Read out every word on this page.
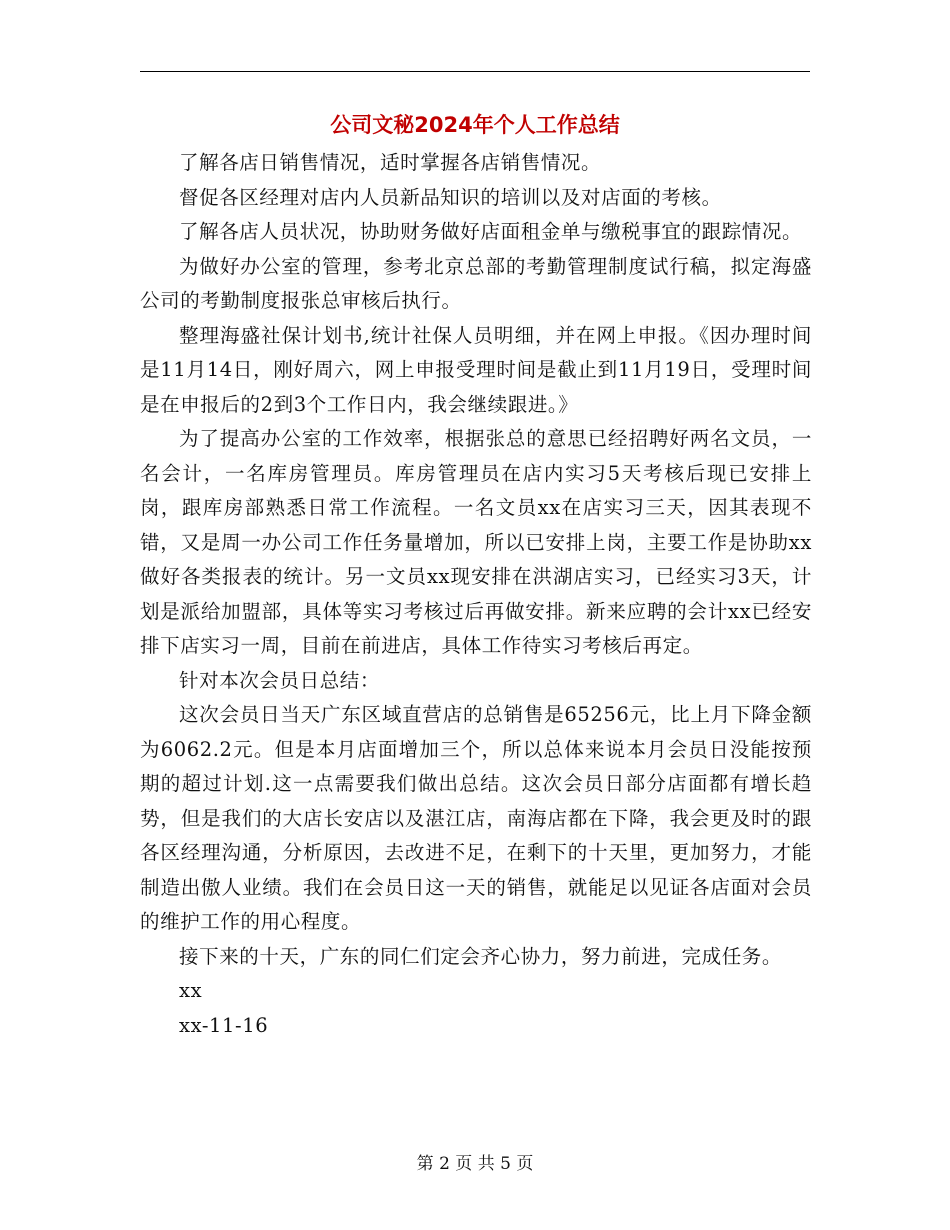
公司文秘2024年个人工作总结

了解各店日销售情况，适时掌握各店销售情况。

督促各区经理对店内人员新品知识的培训以及对店面的考核。

了解各店人员状况，协助财务做好店面租金单与缴税事宜的跟踪情况。

为做好办公室的管理，参考北京总部的考勤管理制度试行稿，拟定海盛公司的考勤制度报张总审核后执行。

整理海盛社保计划书,统计社保人员明细，并在网上申报。《因办理时间是11月14日，刚好周六，网上申报受理时间是截止到11月19日，受理时间是在申报后的2到3个工作日内，我会继续跟进。》

为了提高办公室的工作效率，根据张总的意思已经招聘好两名文员，一名会计，一名库房管理员。库房管理员在店内实习5天考核后现已安排上岗，跟库房部熟悉日常工作流程。一名文员xx在店实习三天，因其表现不错，又是周一办公司工作任务量增加，所以已安排上岗，主要工作是协助xx做好各类报表的统计。另一文员xx现安排在洪湖店实习，已经实习3天，计划是派给加盟部，具体等实习考核过后再做安排。新来应聘的会计xx已经安排下店实习一周，目前在前进店，具体工作待实习考核后再定。

针对本次会员日总结：

这次会员日当天广东区域直营店的总销售是65256元，比上月下降金额为6062.2元。但是本月店面增加三个，所以总体来说本月会员日没能按预期的超过计划.这一点需要我们做出总结。这次会员日部分店面都有增长趋势，但是我们的大店长安店以及湛江店，南海店都在下降，我会更及时的跟各区经理沟通，分析原因，去改进不足，在剩下的十天里，更加努力，才能制造出傲人业绩。我们在会员日这一天的销售，就能足以见证各店面对会员的维护工作的用心程度。

接下来的十天，广东的同仁们定会齐心协力，努力前进，完成任务。

xx

xx-11-16

第 2 页 共 5 页
